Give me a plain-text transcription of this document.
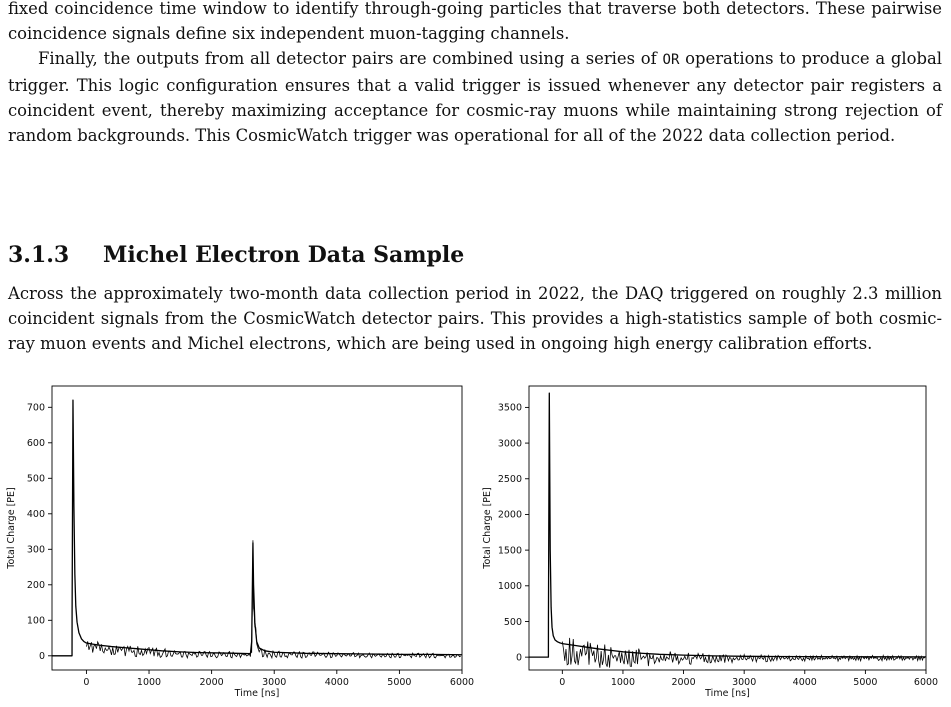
fixed coincidence time window to identify through-going particles that traverse both detectors. These pairwise coincidence signals define six independent muon-tagging channels.

Finally, the outputs from all detector pairs are combined using a series of OR operations to produce a global trigger. This logic configuration ensures that a valid trigger is issued whenever any detector pair registers a coincident event, thereby maximizing acceptance for cosmic-ray muons while maintaining strong rejection of random backgrounds. This CosmicWatch trigger was operational for all of the 2022 data collection period.

3.1.3 Michel Electron Data Sample

Across the approximately two-month data collection period in 2022, the DAQ triggered on roughly 2.3 million coincident signals from the CosmicWatch detector pairs. This provides a high-statistics sample of both cosmic-ray muon events and Michel electrons, which are being used in ongoing high energy calibration efforts.

0	1000	2000	3000	4000	5000	6000
0
100
200
300
400
500
600
700
Time [ns]
Total Charge [PE]
0	1000	2000	3000	4000	5000	6000
0
500
1000
1500
2000
2500
3000
3500
Time [ns]
Total Charge [PE]
